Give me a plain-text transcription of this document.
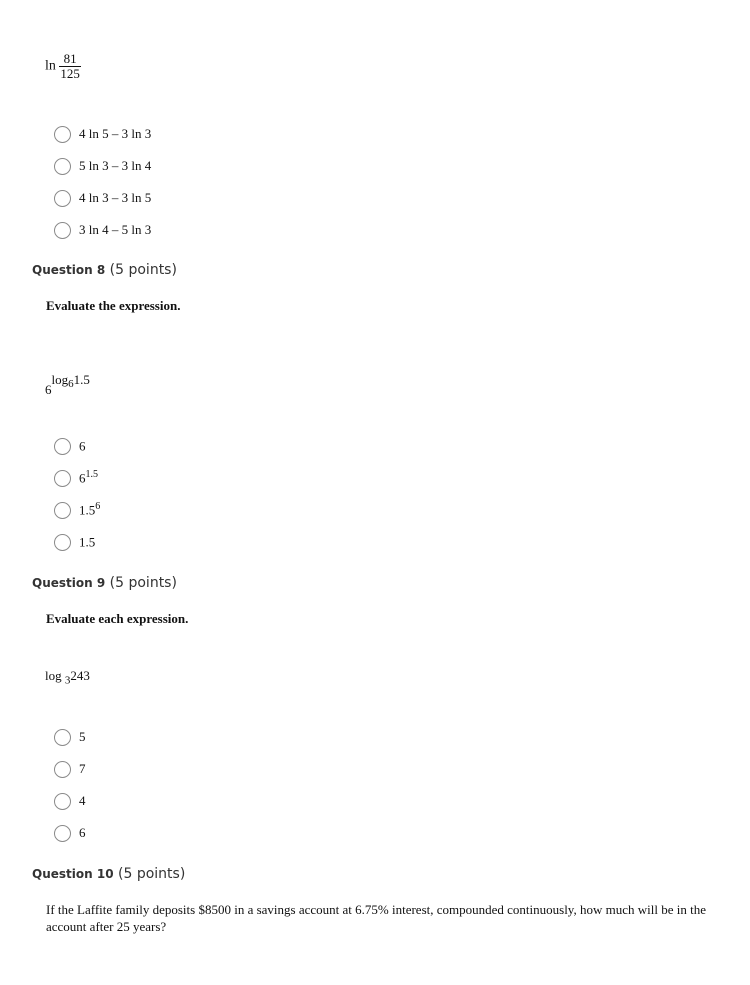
$\ln \frac{81}{125}$
4 ln 5 – 3 ln 3
5 ln 3 – 3 ln 4
4 ln 3 – 3 ln 5
3 ln 4 – 5 ln 3
Question 8 (5 points)
Evaluate the expression.
$6\log_61.5$
6
$6^{1.5}$
$1.5^6$
1.5
Question 9 (5 points)
Evaluate each expression.
log $_3$243
5
7
4
6
Question 10 (5 points)
If the Laffite family deposits $8500 in a savings account at 6.75% interest, compounded continuously, how much will be in the account after 25 years?
